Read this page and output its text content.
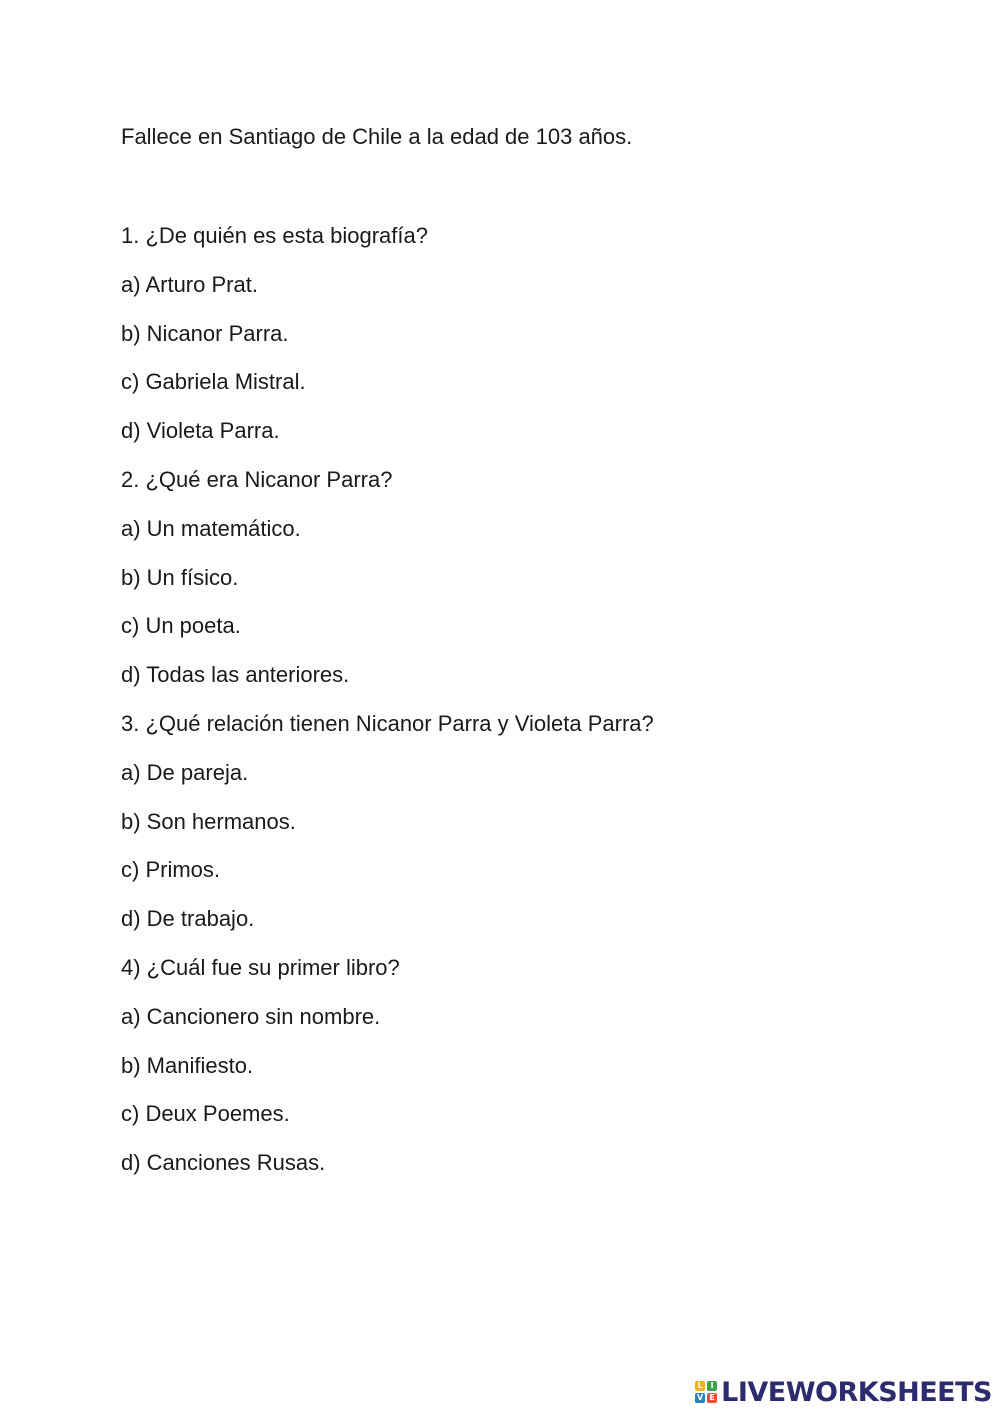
Fallece en Santiago de Chile a la edad de 103 años.
1. ¿De quién es esta biografía?
a) Arturo Prat.
b) Nicanor Parra.
c) Gabriela Mistral.
d) Violeta Parra.
2. ¿Qué era Nicanor Parra?
a) Un matemático.
b) Un físico.
c) Un poeta.
d) Todas las anteriores.
3. ¿Qué relación tienen Nicanor Parra y Violeta Parra?
a) De pareja.
b) Son hermanos.
c) Primos.
d) De trabajo.
4) ¿Cuál fue su primer libro?
a) Cancionero sin nombre.
b) Manifiesto.
c) Deux Poemes.
d) Canciones Rusas.
L I
V E LIVEWORKSHEETS
